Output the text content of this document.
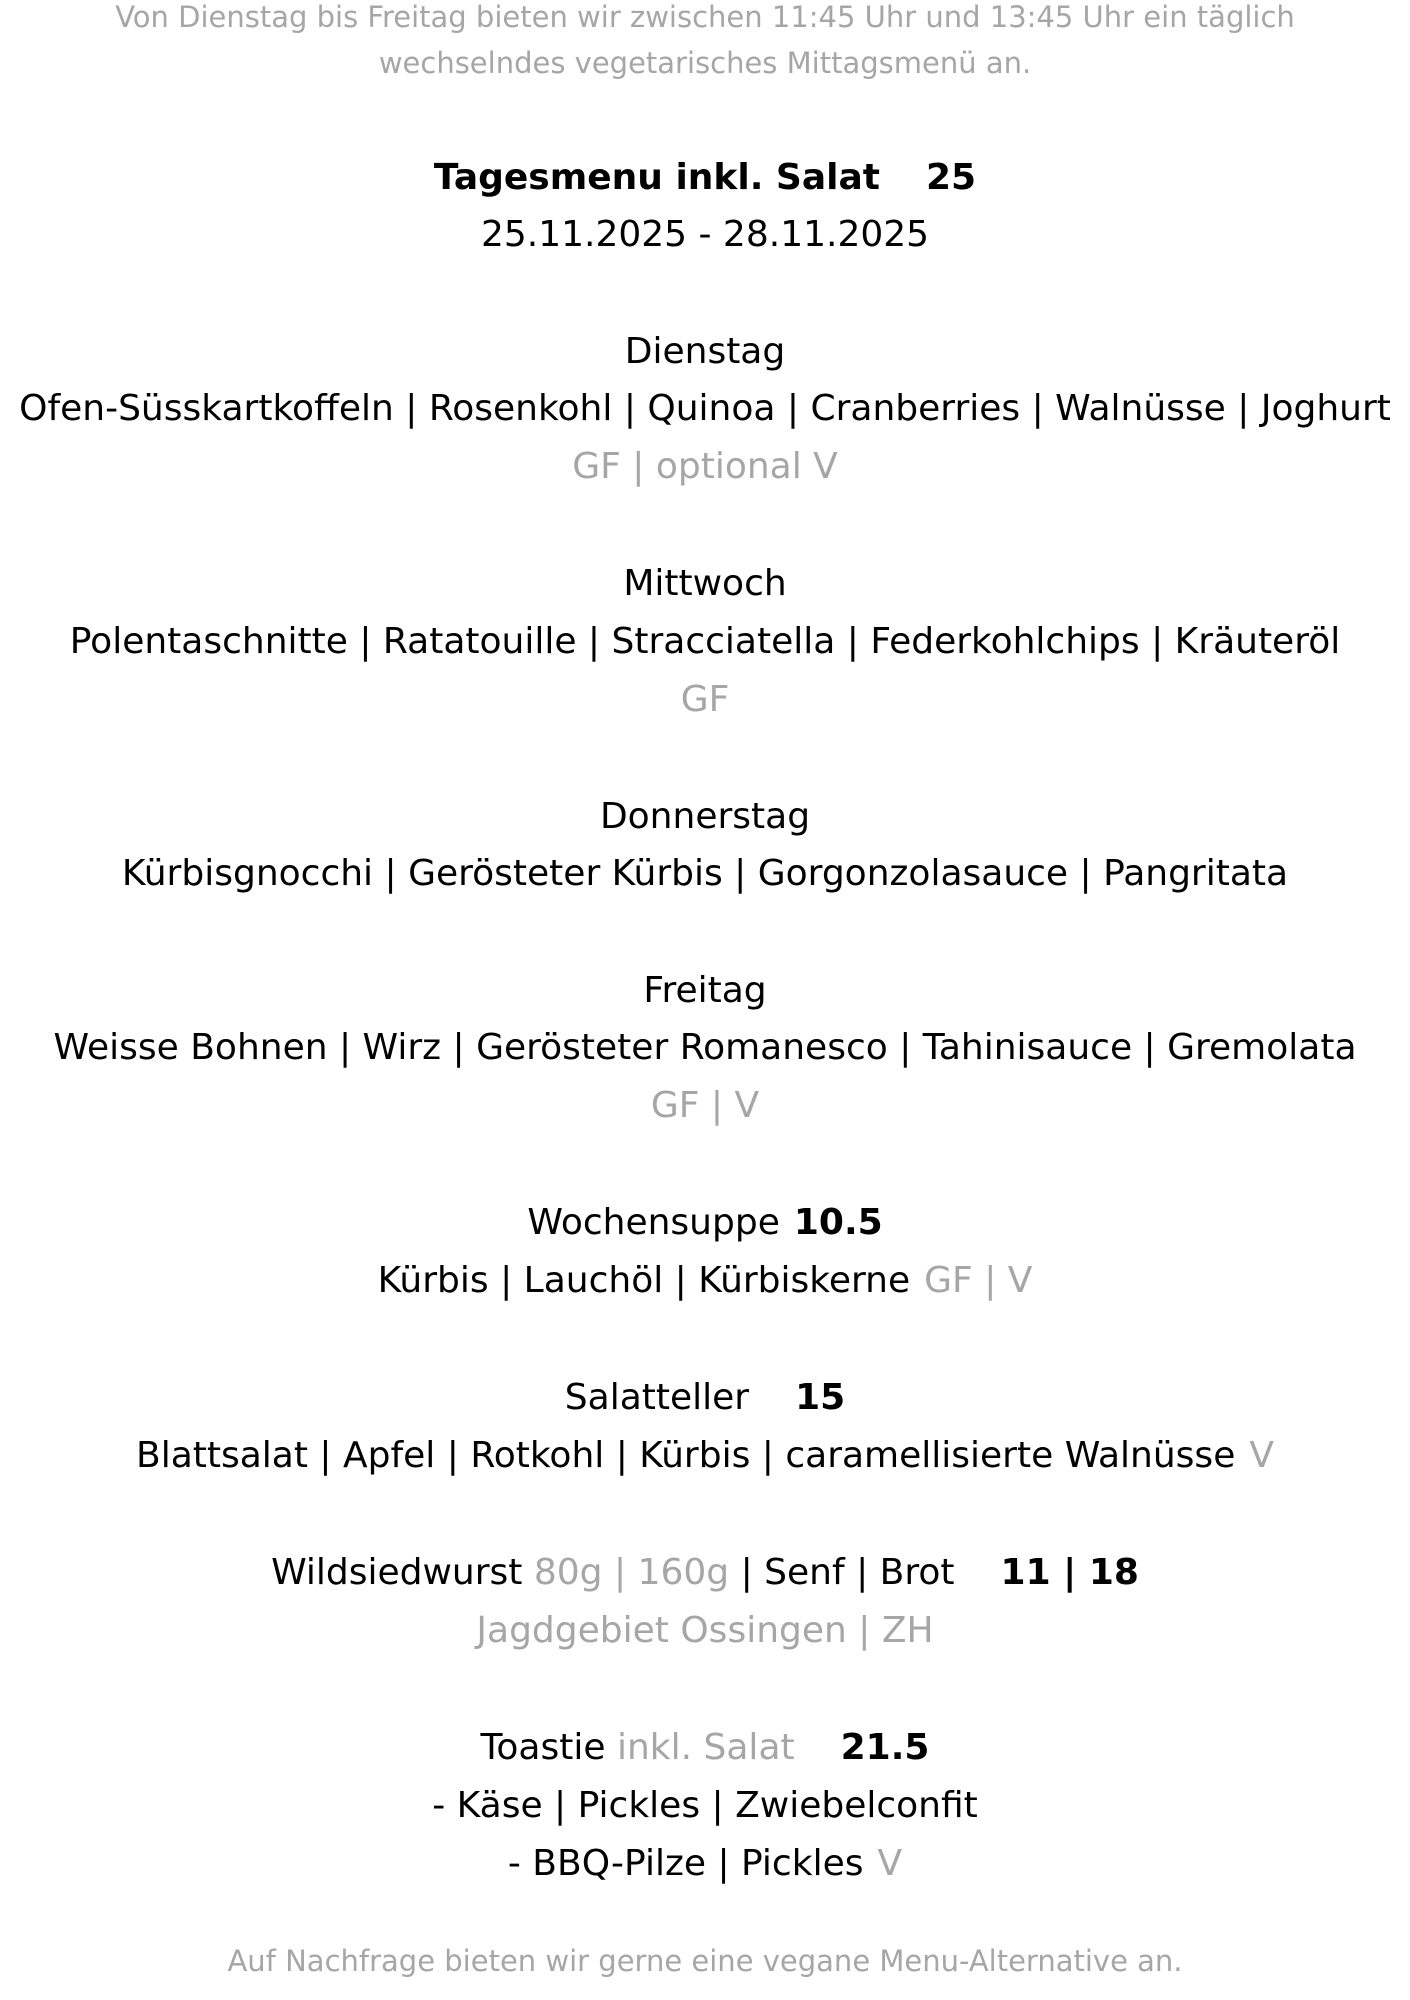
Von Dienstag bis Freitag bieten wir zwischen 11:45 Uhr und 13:45 Uhr ein täglich wechselndes vegetarisches Mittagsmenü an.
Tagesmenu inkl. Salat 25
25.11.2025 - 28.11.2025
Dienstag
Ofen-Süsskartkoffeln | Rosenkohl | Quinoa | Cranberries | Walnüsse | Joghurt
GF | optional V
Mittwoch
Polentaschnitte | Ratatouille | Stracciatella | Federkohlchips | Kräuteröl
GF
Donnerstag
Kürbisgnocchi | Gerösteter Kürbis | Gorgonzolasauce | Pangritata
Freitag
Weisse Bohnen | Wirz | Gerösteter Romanesco | Tahinisauce | Gremolata
GF | V
Wochensuppe 10.5
Kürbis | Lauchöl | Kürbiskerne GF | V
Salatteller 15
Blattsalat | Apfel | Rotkohl | Kürbis | caramellisierte Walnüsse V
Wildsiedwurst 80g | 160g | Senf | Brot 11 | 18
Jagdgebiet Ossingen | ZH
Toastie inkl. Salat 21.5
- Käse | Pickles | Zwiebelconfit
- BBQ-Pilze | Pickles V
Auf Nachfrage bieten wir gerne eine vegane Menu-Alternative an.
